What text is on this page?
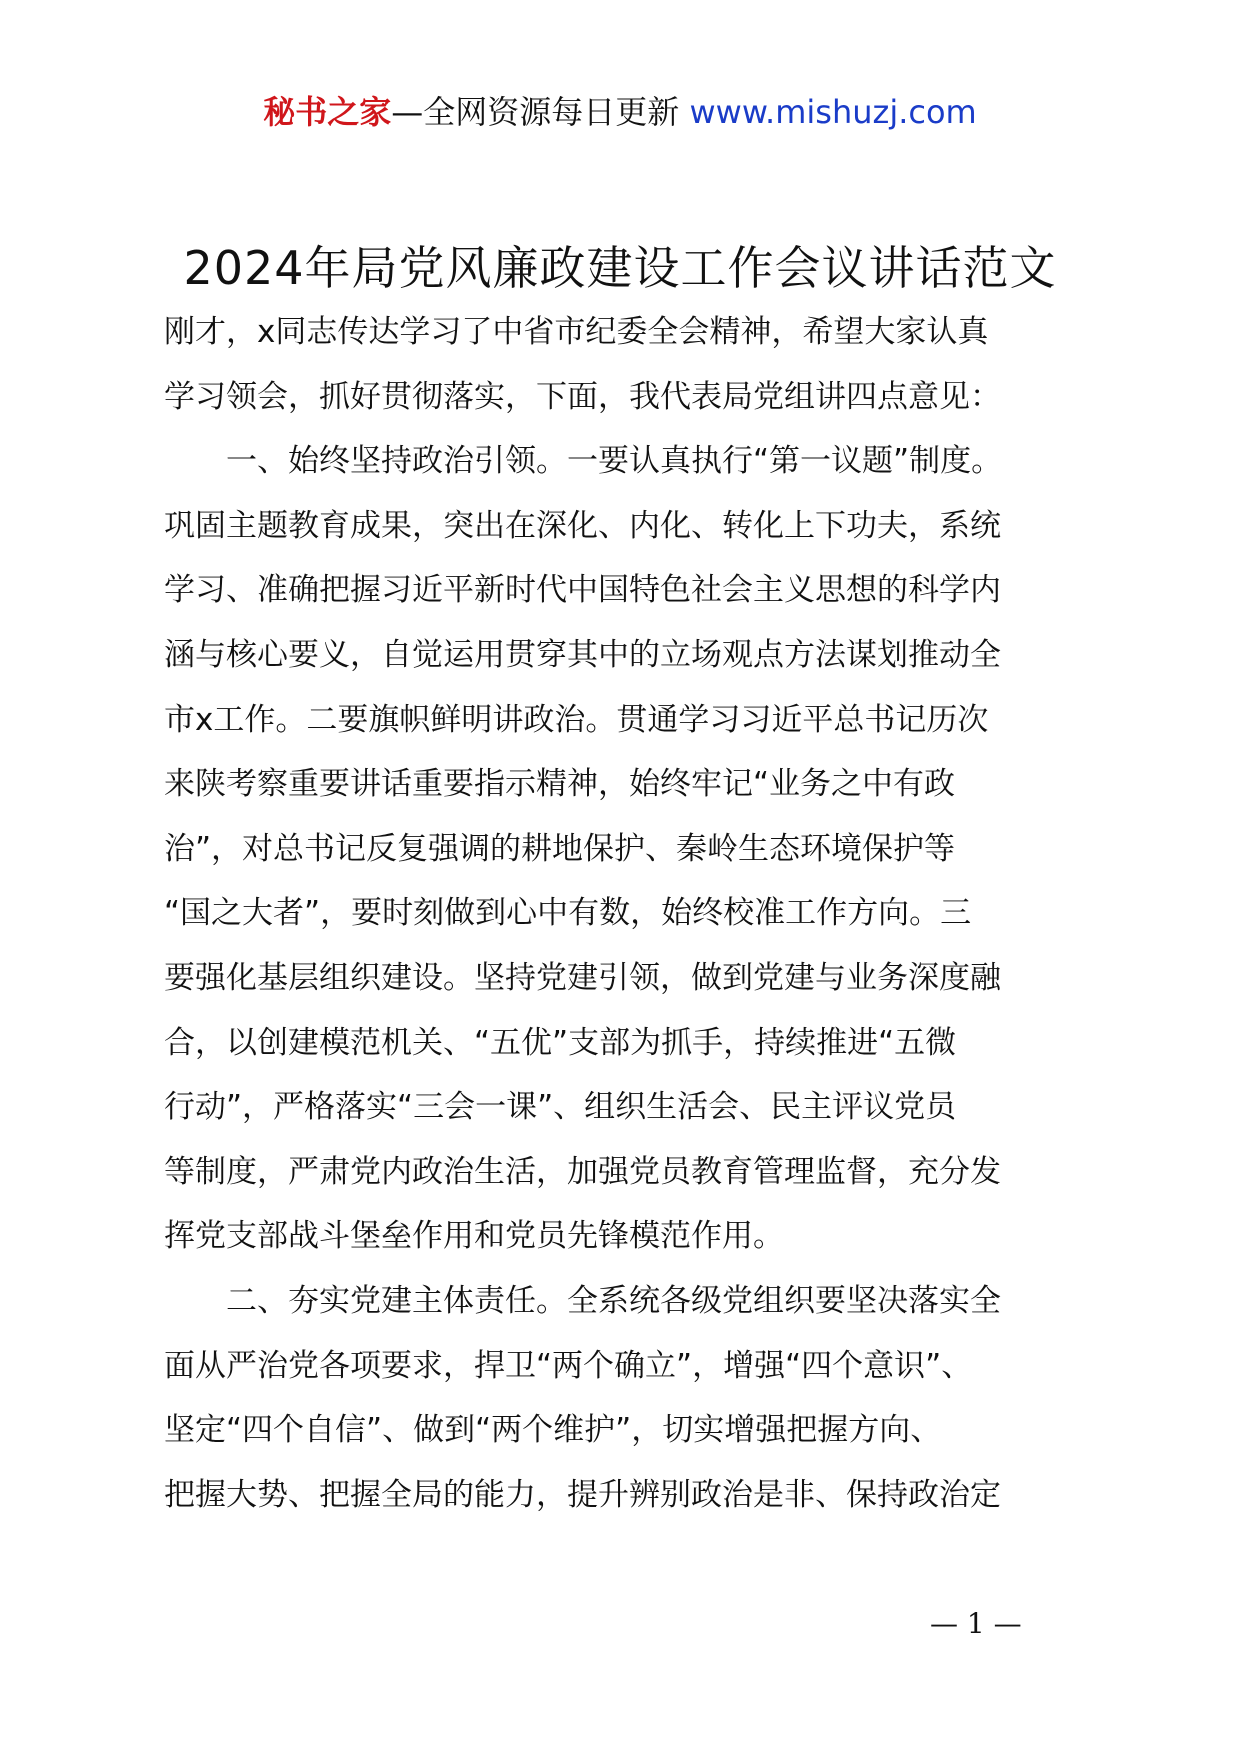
秘书之家—全网资源每日更新 www.mishuzj.com
2024年局党风廉政建设工作会议讲话范文
刚才，x同志传达学习了中省市纪委全会精神，希望大家认真
学习领会，抓好贯彻落实，下面，我代表局党组讲四点意见：
一、始终坚持政治引领。一要认真执行“第一议题”制度。
巩固主题教育成果，突出在深化、内化、转化上下功夫，系统
学习、准确把握习近平新时代中国特色社会主义思想的科学内
涵与核心要义，自觉运用贯穿其中的立场观点方法谋划推动全
市x工作。二要旗帜鲜明讲政治。贯通学习习近平总书记历次
来陕考察重要讲话重要指示精神，始终牢记“业务之中有政
治”，对总书记反复强调的耕地保护、秦岭生态环境保护等
“国之大者”，要时刻做到心中有数，始终校准工作方向。三
要强化基层组织建设。坚持党建引领，做到党建与业务深度融
合，以创建模范机关、“五优”支部为抓手，持续推进“五微
行动”，严格落实“三会一课”、组织生活会、民主评议党员
等制度，严肃党内政治生活，加强党员教育管理监督，充分发
挥党支部战斗堡垒作用和党员先锋模范作用。
二、夯实党建主体责任。全系统各级党组织要坚决落实全
面从严治党各项要求，捍卫“两个确立”，增强“四个意识”、
坚定“四个自信”、做到“两个维护”，切实增强把握方向、
把握大势、把握全局的能力，提升辨别政治是非、保持政治定
— 1 —
